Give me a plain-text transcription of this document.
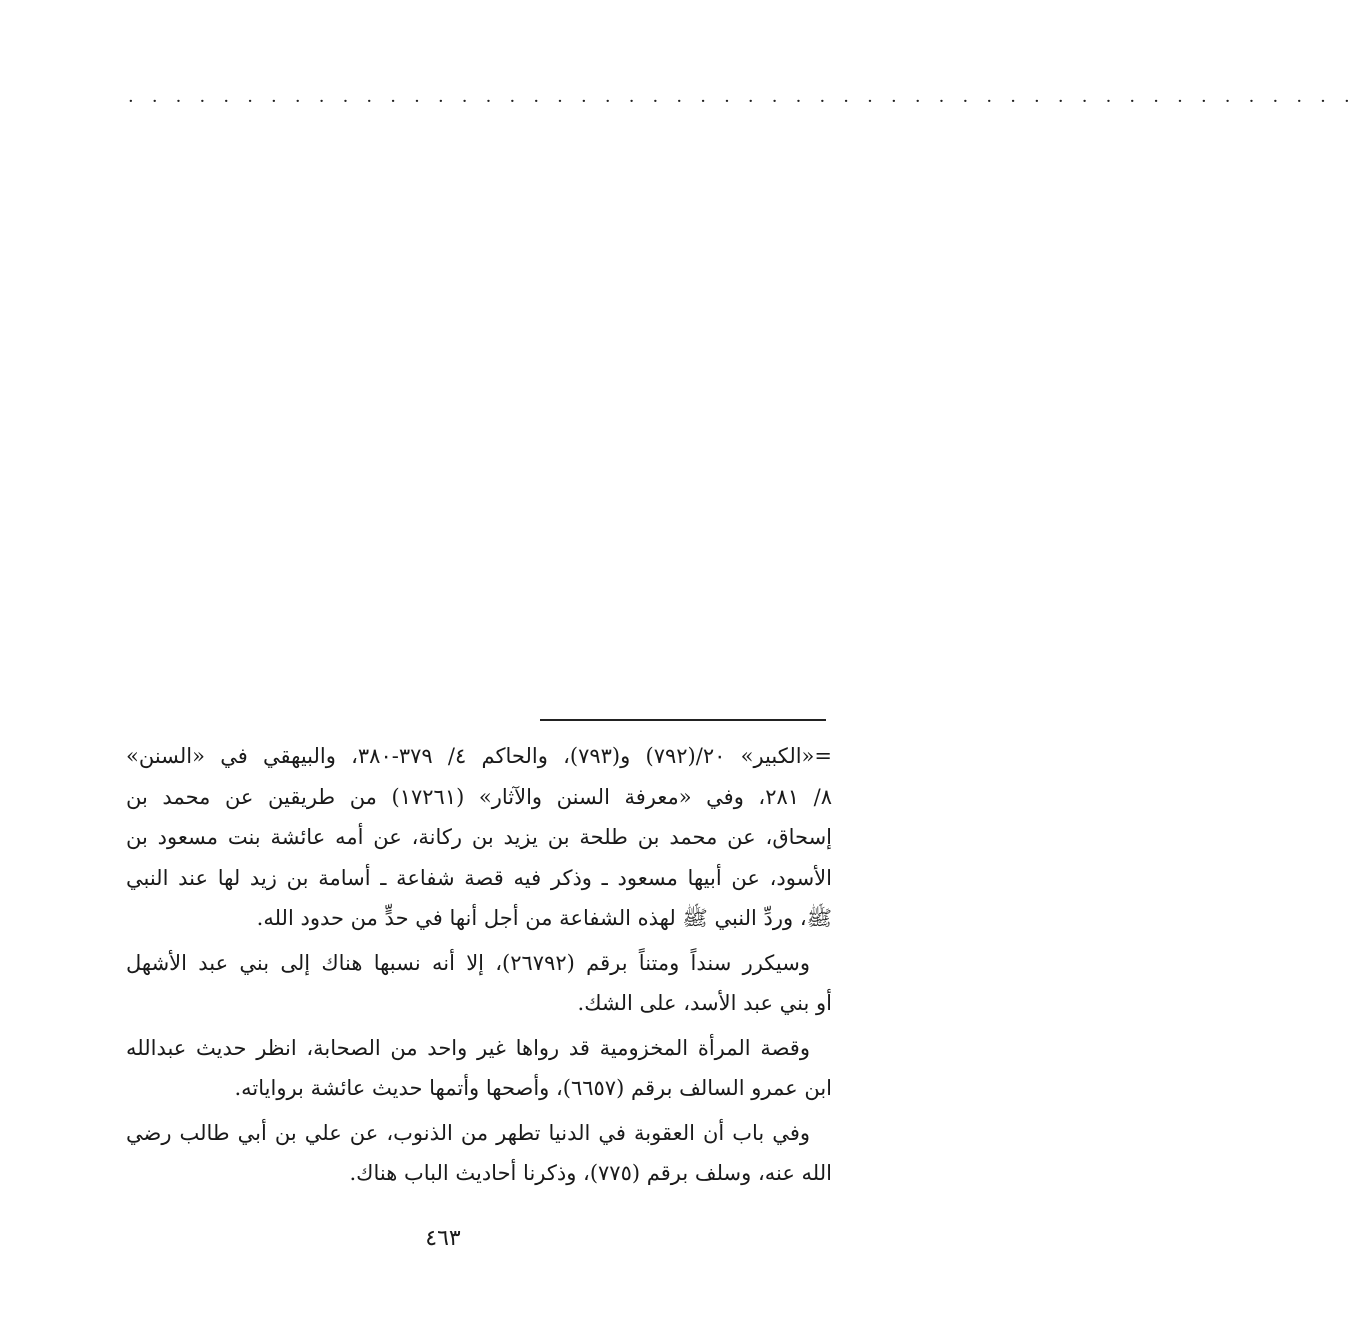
· · · · · · · · · · · · · · · · · · · · · · · · · · · · · · · · · · · · · · · · · · · · · · · · · · · ·
=«الكبير» ٢٠/(٧٩٢) و(٧٩٣)، والحاكم ٤/ ٣٧٩-٣٨٠، والبيهقي في «السنن»
٨/ ٢٨١، وفي «معرفة السنن والآثار» (١٧٢٦١) من طريقين عن محمد بن
إسحاق، عن محمد بن طلحة بن يزيد بن ركانة، عن أمه عائشة بنت مسعود بن
الأسود، عن أبيها مسعود ـ وذكر فيه قصة شفاعة ـ أسامة بن زيد لها عند النبي
ﷺ، وردِّ النبي ﷺ لهذه الشفاعة من أجل أنها في حدٍّ من حدود الله.
وسيكرر سنداً ومتناً برقم (٢٦٧٩٢)، إلا أنه نسبها هناك إلى بني عبد الأشهل
أو بني عبد الأسد، على الشك.
وقصة المرأة المخزومية قد رواها غير واحد من الصحابة، انظر حديث عبدالله
ابن عمرو السالف برقم (٦٦٥٧)، وأصحها وأتمها حديث عائشة برواياته.
وفي باب أن العقوبة في الدنيا تطهر من الذنوب، عن علي بن أبي طالب رضي
الله عنه، وسلف برقم (٧٧٥)، وذكرنا أحاديث الباب هناك.
٤٦٣
